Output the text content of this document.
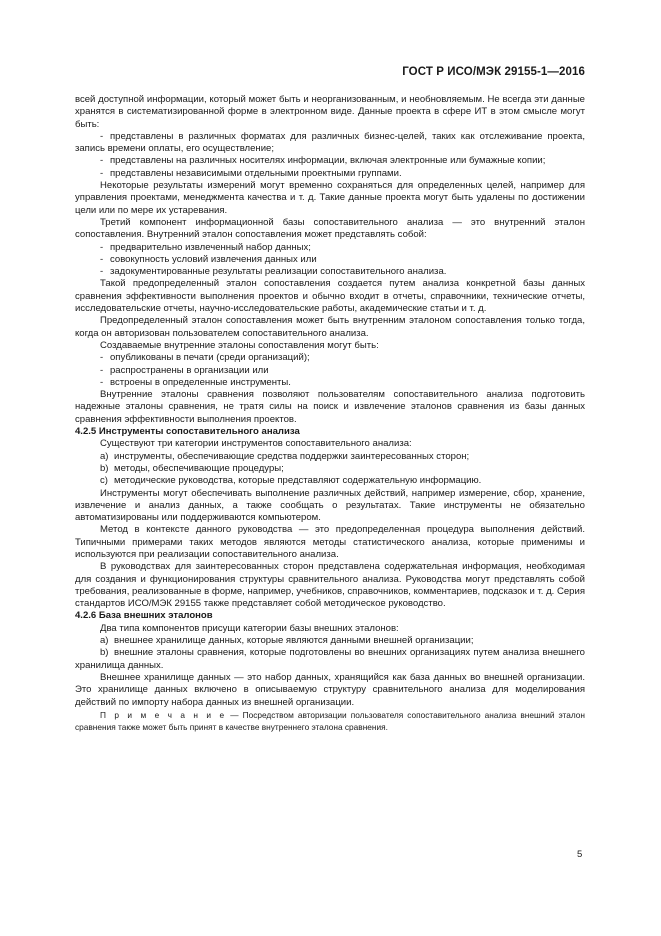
ГОСТ Р ИСО/МЭК 29155-1—2016

всей доступной информации, который может быть и неорганизованным, и необновляемым. Не всегда эти данные хранятся в систематизированной форме в электронном виде. Данные проекта в сфере ИТ в этом смысле могут быть:

- представлены в различных форматах для различных бизнес-целей, таких как отслеживание проекта, запись времени оплаты, его осуществление;

- представлены на различных носителях информации, включая электронные или бумажные копии;

- представлены независимыми отдельными проектными группами.

Некоторые результаты измерений могут временно сохраняться для определенных целей, например для управления проектами, менеджмента качества и т. д. Такие данные проекта могут быть удалены по достижении цели или по мере их устаревания.

Третий компонент информационной базы сопоставительного анализа — это внутренний эталон сопоставления. Внутренний эталон сопоставления может представлять собой:

- предварительно извлеченный набор данных;

- совокупность условий извлечения данных или

- задокументированные результаты реализации сопоставительного анализа.

Такой предопределенный эталон сопоставления создается путем анализа конкретной базы данных сравнения эффективности выполнения проектов и обычно входит в отчеты, справочники, технические отчеты, исследовательские отчеты, научно-исследовательские работы, академические статьи и т. д.

Предопределенный эталон сопоставления может быть внутренним эталоном сопоставления только тогда, когда он авторизован пользователем сопоставительного анализа.

Создаваемые внутренние эталоны сопоставления могут быть:

- опубликованы в печати (среди организаций);

- распространены в организации или

- встроены в определенные инструменты.

Внутренние эталоны сравнения позволяют пользователям сопоставительного анализа подготовить надежные эталоны сравнения, не тратя силы на поиск и извлечение эталонов сравнения из базы данных сравнения эффективности выполнения проектов.

4.2.5 Инструменты сопоставительного анализа

Существуют три категории инструментов сопоставительного анализа:

a) инструменты, обеспечивающие средства поддержки заинтересованных сторон;

b) методы, обеспечивающие процедуры;

c) методические руководства, которые представляют содержательную информацию.

Инструменты могут обеспечивать выполнение различных действий, например измерение, сбор, хранение, извлечение и анализ данных, а также сообщать о результатах. Такие инструменты не обязательно автоматизированы или поддерживаются компьютером.

Метод в контексте данного руководства — это предопределенная процедура выполнения действий. Типичными примерами таких методов являются методы статистического анализа, которые применимы и используются при реализации сопоставительного анализа.

В руководствах для заинтересованных сторон представлена содержательная информация, необходимая для создания и функционирования структуры сравнительного анализа. Руководства могут представлять собой требования, реализованные в форме, например, учебников, справочников, комментариев, подсказок и т. д. Серия стандартов ИСО/МЭК 29155 также представляет собой методическое руководство.

4.2.6 База внешних эталонов

Два типа компонентов присущи категории базы внешних эталонов:

a) внешнее хранилище данных, которые являются данными внешней организации;

b) внешние эталоны сравнения, которые подготовлены во внешних организациях путем анализа внешнего хранилища данных.

Внешнее хранилище данных — это набор данных, хранящийся как база данных во внешней организации. Это хранилище данных включено в описываемую структуру сравнительного анализа для моделирования действий по импорту набора данных из внешней организации.

П р и м е ч а н и е — Посредством авторизации пользователя сопоставительного анализа внешний эталон сравнения также может быть принят в качестве внутреннего эталона сравнения.

5
